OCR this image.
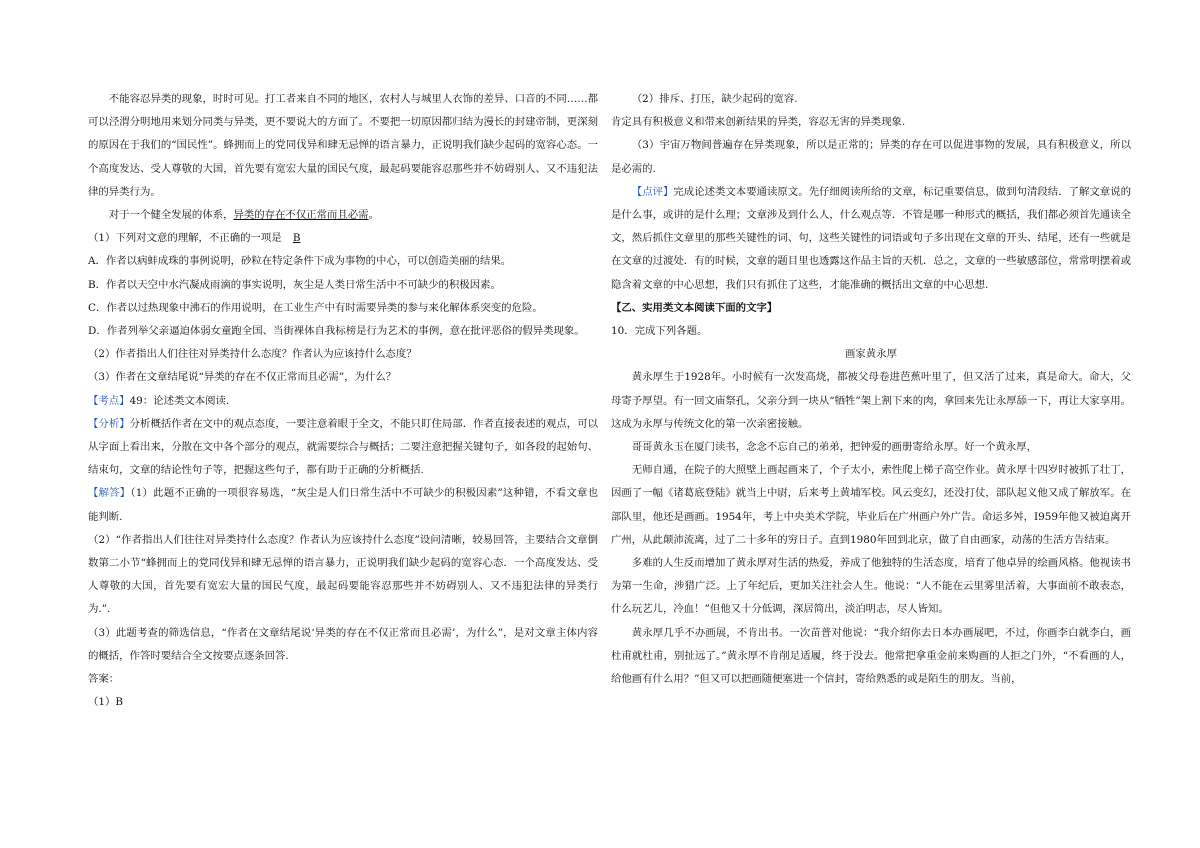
不能容忍异类的现象，时时可见。打工者来自不同的地区，农村人与城里人衣饰的差异、口音的不同……都可以泾渭分明地用来划分同类与异类，更不要说大的方面了。不要把一切原因都归结为漫长的封建帝制，更深刻的原因在于我们的“国民性”。蜂拥而上的党同伐异和肆无忌惮的语言暴力，正说明我们缺少起码的宽容心态。一个高度发达、受人尊敬的大国，首先要有宽宏大量的国民气度，最起码要能容忍那些并不妨碍别人、又不违犯法律的异类行为。

对于一个健全发展的体系，异类的存在不仅正常而且必需。

（1）下列对文意的理解，不正确的一项是 B

A．作者以病蚌成珠的事例说明，砂粒在特定条件下成为事物的中心，可以创造美丽的结果。

B．作者以天空中水汽凝成雨滴的事实说明，灰尘是人类日常生活中不可缺少的积极因素。

C．作者以过热现象中沸石的作用说明，在工业生产中有时需要异类的参与来化解体系突变的危险。

D．作者列举父亲逼迫体弱女童跑全国、当街裸体自我标榜是行为艺术的事例，意在批评恶俗的假异类现象。

（2）作者指出人们往往对异类持什么态度？作者认为应该持什么态度？

（3）作者在文章结尾说“异类的存在不仅正常而且必需”，为什么？

【考点】49：论述类文本阅读.

【分析】分析概括作者在文中的观点态度，一要注意着眼于全文，不能只盯住局部．作者直接表述的观点，可以从字面上看出来，分散在文中各个部分的观点，就需要综合与概括；二要注意把握关键句子，如各段的起始句、结束句，文章的结论性句子等，把握这些句子，都有助于正确的分析概括.

【解答】（1）此题不正确的一项很容易选，“灰尘是人们日常生活中不可缺少的积极因素”这种错，不看文章也能判断.

（2）“作者指出人们往往对异类持什么态度？作者认为应该持什么态度”设问清晰，较易回答，主要结合文章倒数第二小节“蜂拥而上的党同伐异和肆无忌惮的语言暴力，正说明我们缺少起码的宽容心态．一个高度发达、受人尊敬的大国，首先要有宽宏大量的国民气度，最起码要能容忍那些并不妨碍别人、又不违犯法律的异类行为.”.

（3）此题考查的筛选信息，“作者在文章结尾说‘异类的存在不仅正常而且必需’，为什么”，是对文章主体内容的概括，作答时要结合全文按要点逐条回答.

答案：

（1）B

（2）排斥、打压，缺少起码的宽容.

肯定具有积极意义和带来创新结果的异类，容忍无害的异类现象.

（3）宇宙万物间普遍存在异类现象，所以是正常的；异类的存在可以促进事物的发展，具有积极意义，所以是必需的.

【点评】完成论述类文本要通读原文。先仔细阅读所给的文章，标记重要信息，做到句清段结．了解文章说的是什么事，或讲的是什么理；文章涉及到什么人，什么观点等．不管是哪一种形式的概括，我们都必须首先通读全文，然后抓住文章里的那些关键性的词、句，这些关键性的词语或句子多出现在文章的开头、结尾，还有一些就是在文章的过渡处．有的时候，文章的题目里也透露这作品主旨的天机．总之，文章的一些敏感部位，常常明摆着或隐含着文章的中心思想，我们只有抓住了这些，才能准确的概括出文章的中心思想.

【乙、实用类文本阅读下面的文字】

10．完成下列各题。

画家黄永厚

黄永厚生于1928年。小时候有一次发高烧，都被父母卷进芭蕉叶里了，但又活了过来，真是命大。命大，父母寄予厚望。有一回文庙祭孔，父亲分到一块从“牺牲”架上割下来的肉，拿回来先让永厚舔一下，再让大家享用。这成为永厚与传统文化的第一次亲密接触。

哥哥黄永玉在厦门读书，念念不忘自己的弟弟，把钟爱的画册寄给永厚。好一个黄永厚，

无师自通，在院子的大照壁上画起画来了，个子太小，索性爬上梯子高空作业。黄永厚十四岁时被抓了壮丁，因画了一幅《诸葛底登陆》就当上中尉，后来考上黄埔军校。风云变幻，还没打仗，部队起义他又成了解放军。在部队里，他还是画画。1954年，考上中央美术学院，毕业后在广州画户外广告。命运多舛，I959年他又被迫离开广州，从此颠沛流离，过了二十多年的穷日子。直到1980年回到北京，做了自由画家，动荡的生活方告结束。

多难的人生反而增加了黄永厚对生活的热爱，养成了他独特的生活态度，培育了他卓异的绘画风格。他视读书为第一生命，涉猎广泛。上了年纪后，更加关注社会人生。他说：“人不能在云里雾里活着，大事面前不敢表态，什么玩艺儿，冷血！”但他又十分低调，深居简出，淡泊明志，尽人皆知。

黄永厚几乎不办画展，不肯出书。一次苗普对他说：“我介绍你去日本办画展吧，不过，你画李白就李白，画杜甫就杜甫，别扯远了。”黄永厚不肯削足适履，终于没去。他常把拿重金前来购画的人拒之门外，“不看画的人，给他画有什么用？”但又可以把画随便塞进一个信封，寄给熟悉的或是陌生的朋友。当前，
